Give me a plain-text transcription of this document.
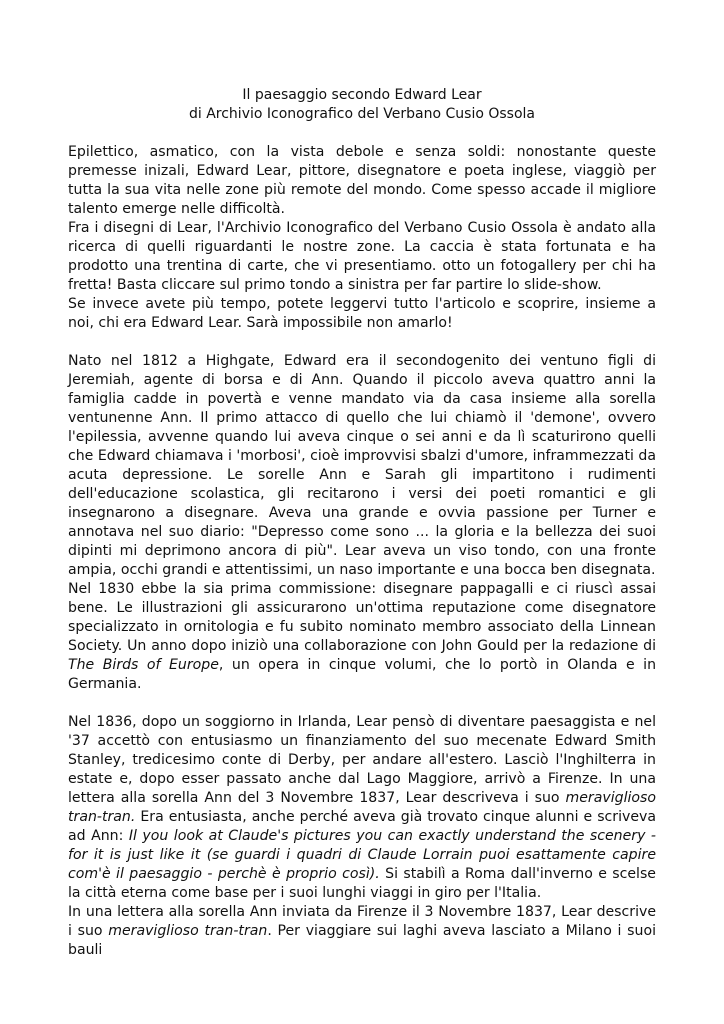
Il paesaggio secondo Edward Lear
di Archivio Iconografico del Verbano Cusio Ossola

Epilettico, asmatico, con la vista debole e senza soldi: nonostante queste premesse inizali, Edward Lear, pittore, disegnatore e poeta inglese, viaggiò per tutta la sua vita nelle zone più remote del mondo. Come spesso accade il migliore talento emerge nelle difficoltà.

Fra i disegni di Lear, l'Archivio Iconografico del Verbano Cusio Ossola è andato alla ricerca di quelli riguardanti le nostre zone. La caccia è stata fortunata e ha prodotto una trentina di carte, che vi presentiamo. otto un fotogallery per chi ha fretta! Basta cliccare sul primo tondo a sinistra per far partire lo slide-show.

Se invece avete più tempo, potete leggervi tutto l'articolo e scoprire, insieme a noi, chi era Edward Lear. Sarà impossibile non amarlo!

Nato nel 1812 a Highgate, Edward era il secondogenito dei ventuno figli di Jeremiah, agente di borsa e di Ann. Quando il piccolo aveva quattro anni la famiglia cadde in povertà e venne mandato via da casa insieme alla sorella ventunenne Ann. Il primo attacco di quello che lui chiamò il 'demone', ovvero l'epilessia, avvenne quando lui aveva cinque o sei anni e da lì scaturirono quelli che Edward chiamava i 'morbosi', cioè improvvisi sbalzi d'umore, inframmezzati da acuta depressione. Le sorelle Ann e Sarah gli impartitono i rudimenti dell'educazione scolastica, gli recitarono i versi dei poeti romantici e gli insegnarono a disegnare. Aveva una grande e ovvia passione per Turner e annotava nel suo diario: "Depresso come sono ... la gloria e la bellezza dei suoi dipinti mi deprimono ancora di più". Lear aveva un viso tondo, con una fronte ampia, occhi grandi e attentissimi, un naso importante e una bocca ben disegnata.

Nel 1830 ebbe la sia prima commissione: disegnare pappagalli e ci riuscì assai bene. Le illustrazioni gli assicurarono un'ottima reputazione come disegnatore specializzato in ornitologia e fu subito nominato membro associato della Linnean Society. Un anno dopo iniziò una collaborazione con John Gould per la redazione di The Birds of Europe, un opera in cinque volumi, che lo portò in Olanda e in Germania.

Nel 1836, dopo un soggiorno in Irlanda, Lear pensò di diventare paesaggista e nel '37 accettò con entusiasmo un finanziamento del suo mecenate Edward Smith Stanley, tredicesimo conte di Derby, per andare all'estero. Lasciò l'Inghilterra in estate e, dopo esser passato anche dal Lago Maggiore, arrivò a Firenze. In una lettera alla sorella Ann del 3 Novembre 1837, Lear descriveva i suo meraviglioso tran-tran. Era entusiasta, anche perché aveva già trovato cinque alunni e scriveva ad Ann: Il you look at Claude's pictures you can exactly understand the scenery - for it is just like it (se guardi i quadri di Claude Lorrain puoi esattamente capire com'è il paesaggio - perchè è proprio così). Si stabilì a Roma dall'inverno e scelse la città eterna come base per i suoi lunghi viaggi in giro per l'Italia.

In una lettera alla sorella Ann inviata da Firenze il 3 Novembre 1837, Lear descrive i suo meraviglioso tran-tran. Per viaggiare sui laghi aveva lasciato a Milano i suoi bauli
